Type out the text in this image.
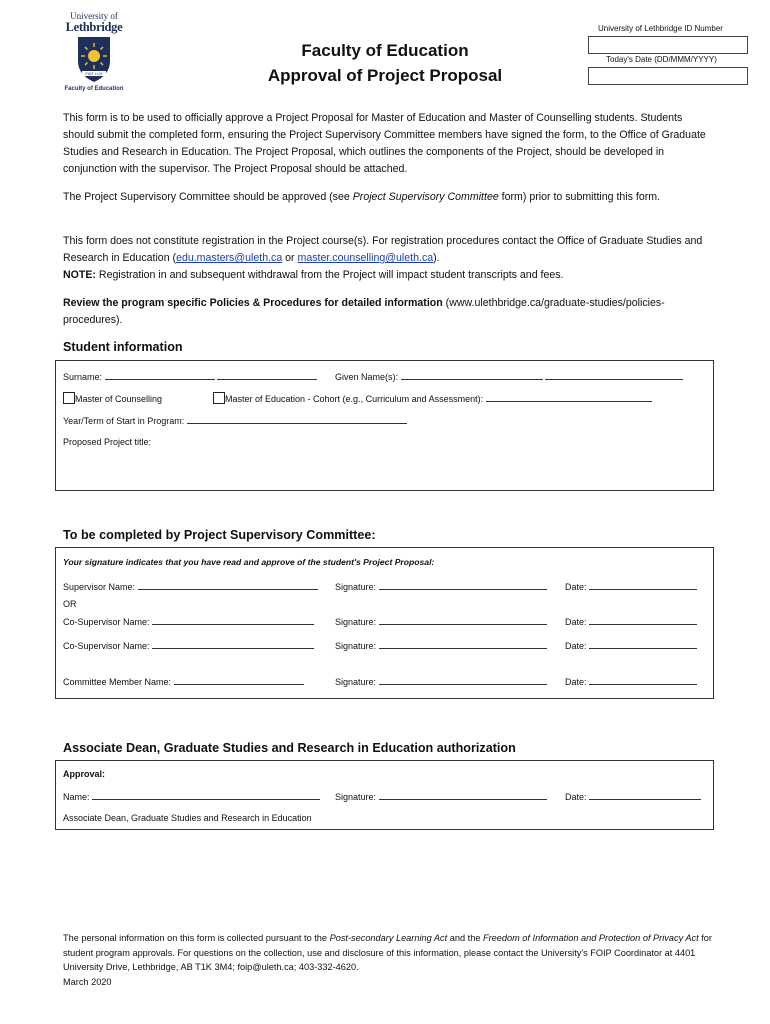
University of
Lethbridge
FIAT LUX
Faculty of Education
Faculty of Education
Approval of Project Proposal
University of Lethbridge ID Number
Today's Date (DD/MMM/YYYY)
This form is to be used to officially approve a Project Proposal for Master of Education and Master of Counselling students. Students should submit the completed form, ensuring the Project Supervisory Committee members have signed the form, to the Office of Graduate Studies and Research in Education. The Project Proposal, which outlines the components of the Project, should be developed in conjunction with the supervisor. The Project Proposal should be attached.
The Project Supervisory Committee should be approved (see Project Supervisory Committee form) prior to submitting this form.
This form does not constitute registration in the Project course(s). For registration procedures contact the Office of Graduate Studies and Research in Education (edu.masters@uleth.ca or master.counselling@uleth.ca).
NOTE: Registration in and subsequent withdrawal from the Project will impact student transcripts and fees.
Review the program specific Policies & Procedures for detailed information (www.ulethbridge.ca/graduate-studies/policies-procedures).
Student information
Surname:	Given Name(s):
Master of Counselling	Master of Education - Cohort (e.g., Curriculum and Assessment):
Year/Term of Start in Program:
Proposed Project title:
To be completed by Project Supervisory Committee:
Your signature indicates that you have read and approve of the student's Project Proposal:
Supervisor Name:	Signature:	Date:
OR
Co-Supervisor Name:	Signature:	Date:
Co-Supervisor Name:	Signature:	Date:
Committee Member Name:	Signature:	Date:
Associate Dean, Graduate Studies and Research in Education authorization
Approval:
Name:	Signature:	Date:
Associate Dean, Graduate Studies and Research in Education
The personal information on this form is collected pursuant to the Post-secondary Learning Act and the Freedom of Information and Protection of Privacy Act for student program approvals. For questions on the collection, use and disclosure of this information, please contact the University's FOIP Coordinator at 4401 University Drive, Lethbridge, AB T1K 3M4; foip@uleth.ca; 403-332-4620.
March 2020
